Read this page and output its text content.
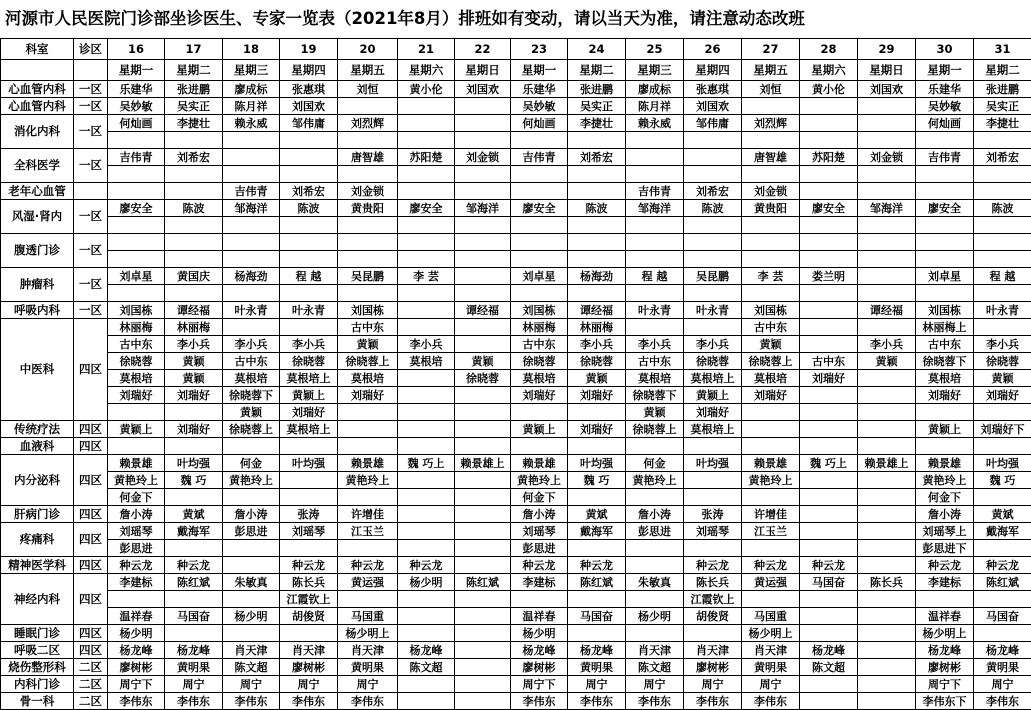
河源市人民医院门诊部坐诊医生、专家一览表（2021年8月）排班如有变动，请以当天为准，请注意动态改班
科室	诊区	16	17	18	19	20	21	22	23	24	25	26	27	28	29	30	31
		星期一	星期二	星期三	星期四	星期五	星期六	星期日	星期一	星期二	星期三	星期四	星期五	星期六	星期日	星期一	星期二
心血管内科	一区	乐建华	张进鹏	廖成标	张惠琪	刘恒	黄小伦	刘国欢	乐建华	张进鹏	廖成标	张惠琪	刘恒	黄小伦	刘国欢	乐建华	张进鹏
心血管内科	一区	吴妙敏	吴实正	陈月祥	刘国欢				吴妙敏	吴实正	陈月祥	刘国欢				吴妙敏	吴实正
消化内科	一区	何灿画	李捷壮	赖永威	邹伟庸	刘烈辉			何灿画	李捷壮	赖永威	邹伟庸	刘烈辉			何灿画	李捷壮

全科医学	一区	吉伟青	刘希宏			唐智雄	苏阳楚	刘金锁	吉伟青	刘希宏			唐智雄	苏阳楚	刘金锁	吉伟青	刘希宏

老年心血管				吉伟青	刘希宏	刘金锁					吉伟青	刘希宏	刘金锁				
风湿·肾内	一区	廖安全	陈波	邹海洋	陈波	黄贵阳	廖安全	邹海洋	廖安全	陈波	邹海洋	陈波	黄贵阳	廖安全	邹海洋	廖安全	陈波

腹透门诊	一区																

肿瘤科	一区	刘卓星	黄国庆	杨海劲	程 越	吴昆鹏	李 芸		刘卓星	杨海劲	程 越	吴昆鹏	李 芸	娄兰明		刘卓星	程 越

呼吸内科	一区	刘国栋	谭经福	叶永青	叶永青	刘国栋		谭经福	刘国栋	谭经福	叶永青	叶永青	刘国栋		谭经福	刘国栋	叶永青
中医科	四区	林丽梅	林丽梅			古中东			林丽梅	林丽梅			古中东			林丽梅上	
		古中东	李小兵	李小兵	李小兵	黄颖	李小兵		古中东	李小兵	李小兵	李小兵	黄颖		李小兵	古中东	李小兵
		徐晓蓉	黄颖	古中东	徐晓蓉	徐晓蓉上	莫根培	黄颖	徐晓蓉	徐晓蓉	古中东	徐晓蓉	徐晓蓉上	古中东	黄颖	徐晓蓉下	徐晓蓉
		莫根培	黄颖	莫根培	莫根培上	莫根培		徐晓蓉	莫根培	黄颖	莫根培	莫根培上	莫根培	刘瑞好		莫根培	黄颖
		刘瑞好	刘瑞好	徐晓蓉下	黄颖上	刘瑞好			刘瑞好	刘瑞好	徐晓蓉下	黄颖上	刘瑞好			刘瑞好	刘瑞好
				黄颖	刘瑞好						黄颖	刘瑞好					
传统疗法	四区	黄颖上	刘瑞好	徐晓蓉上	莫根培上				黄颖上	刘瑞好	徐晓蓉上	莫根培上				黄颖上	刘瑞好下
血液科	四区																
内分泌科	四区	赖景雄	叶均强	何金	叶均强	赖景雄	魏 巧上	赖景雄上	赖景雄	叶均强	何金	叶均强	赖景雄	魏 巧上	赖景雄上	赖景雄	叶均强
		黄艳玲上	魏 巧	黄艳玲上		黄艳玲上			黄艳玲上	魏 巧	黄艳玲上		黄艳玲上			黄艳玲上	魏 巧
		何金下							何金下							何金下	
肝病门诊	四区	詹小涛	黄斌	詹小涛	张涛	许增佳			詹小涛	黄斌	詹小涛	张涛	许增佳			詹小涛	黄斌
疼痛科	四区	刘瑶琴	戴海军	彭思进	刘瑶琴	江玉兰			刘瑶琴	戴海军	彭思进	刘瑶琴	江玉兰			刘瑶琴上	戴海军
		彭思进							彭思进							彭思进下	
精神医学科	四区	种云龙	种云龙		种云龙	种云龙	种云龙		种云龙	种云龙		种云龙	种云龙	种云龙		种云龙	种云龙
神经内科	四区	李建标	陈红斌	朱敏真	陈长兵	黄运强	杨少明	陈红斌	李建标	陈红斌	朱敏真	陈长兵	黄运强	马国奋	陈长兵	李建标	陈红斌
					江霞钦上							江霞钦上					
		温祥春	马国奋	杨少明	胡俊贤	马国重			温祥春	马国奋	杨少明	胡俊贤	马国重			温祥春	马国奋
睡眠门诊	四区	杨少明				杨少明上			杨少明				杨少明上			杨少明上	
呼吸二区	四区	杨龙峰	杨龙峰	肖天津	肖天津	肖天津	杨龙峰		杨龙峰	杨龙峰	肖天津	肖天津	肖天津	杨龙峰		杨龙峰	杨龙峰
烧伤整形科	二区	廖树彬	黄明果	陈文超	廖树彬	黄明果	陈文超		廖树彬	黄明果	陈文超	廖树彬	黄明果	陈文超		廖树彬	黄明果
内科门诊	二区	周宁下	周宁	周宁	周宁	周宁			周宁下	周宁	周宁	周宁	周宁			周宁下	周宁
骨一科	二区	李伟东	李伟东	李伟东	李伟东	李伟东			李伟东	李伟东	李伟东	李伟东	李伟东			李伟东下	李伟东
